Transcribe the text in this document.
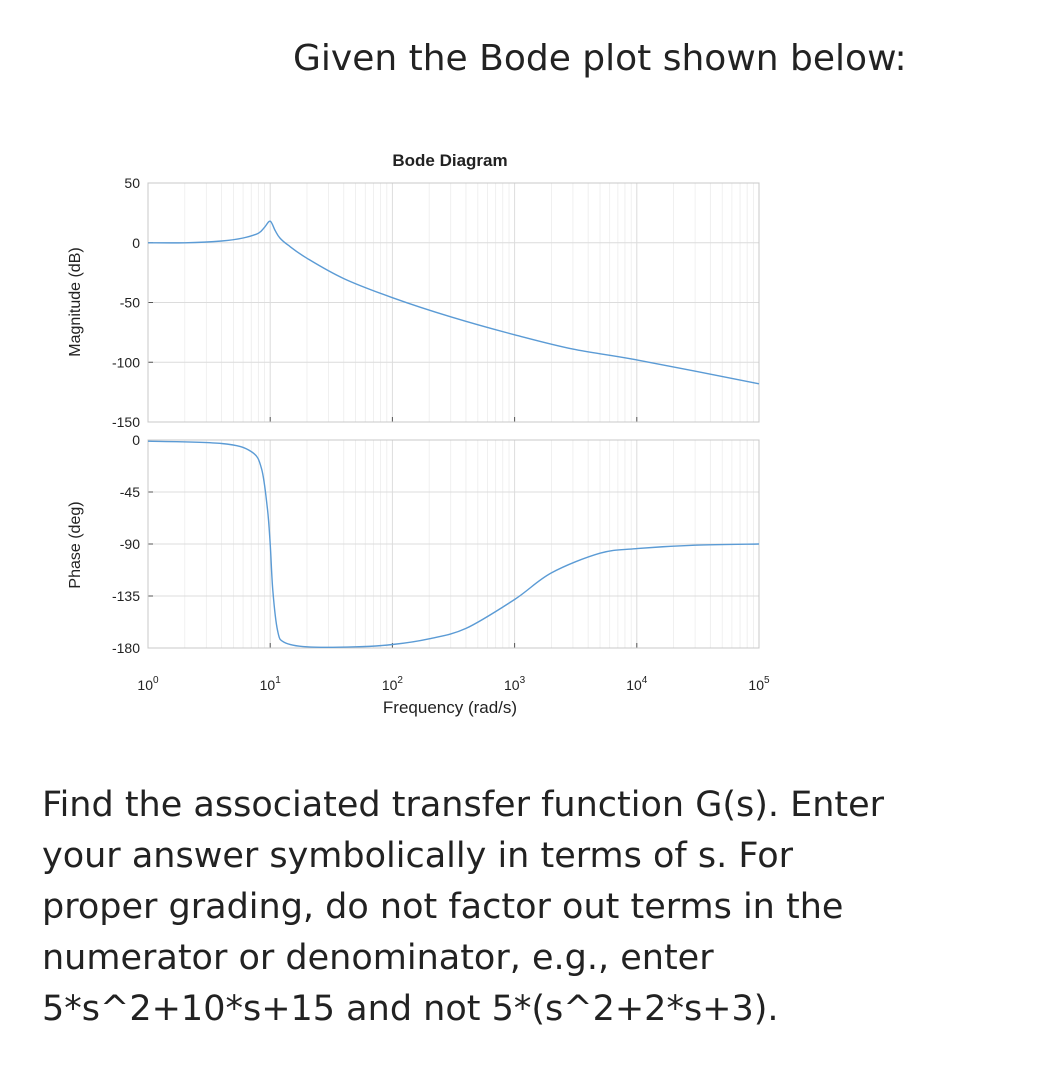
Given the Bode plot shown below:
Bode Diagram
50
0
-50
-100
-150
0
-45
-90
-135
-180
$10^0$	$10^1$	$10^2$	$10^3$	$10^4$	$10^5$
Magnitude (dB)
Phase (deg)
Frequency (rad/s)
Find the associated transfer function G(s). Enter
your answer symbolically in terms of s. For
proper grading, do not factor out terms in the
numerator or denominator, e.g., enter
5*s^2+10*s+15 and not 5*(s^2+2*s+3).
